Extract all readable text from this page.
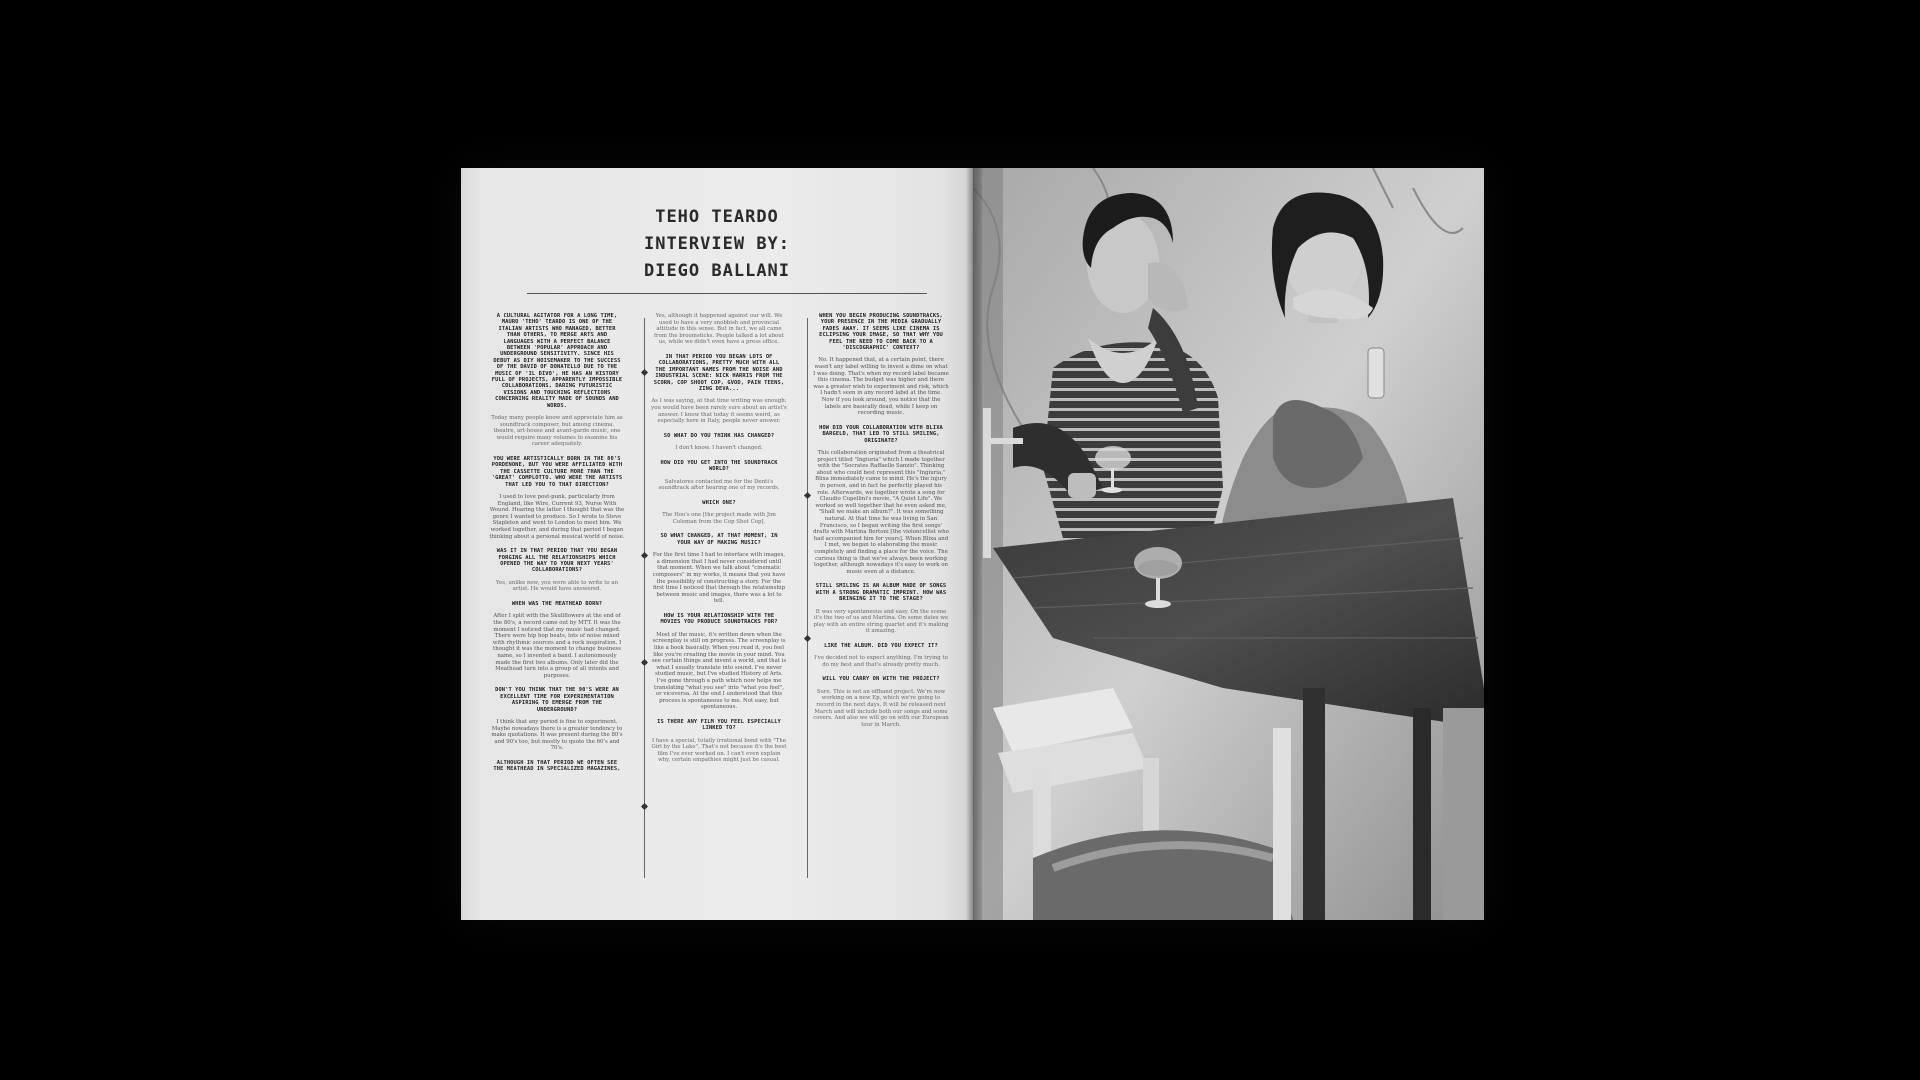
TEHO TEARDO
INTERVIEW BY:
DIEGO BALLANI
A CULTURAL AGITATOR FOR A LONG TIME, MAURO 'TEHO' TEARDO IS ONE OF THE ITALIAN ARTISTS WHO MANAGED, BETTER THAN OTHERS, TO MERGE ARTS AND LANGUAGES WITH A PERFECT BALANCE BETWEEN 'POPULAR' APPROACH AND UNDERGROUND SENSITIVITY. SINCE HIS DEBUT AS DIY NOISEMAKER TO THE SUCCESS OF THE DAVID OF DONATELLO DUE TO THE MUSIC OF 'IL DIVO', HE HAS AN HISTORY FULL OF PROJECTS, APPARENTLY IMPOSSIBLE COLLABORATIONS, DARING FUTURISTIC VISIONS AND TOUCHING REFLECTIONS CONCERNING REALITY MADE OF SOUNDS AND WORDS.
Today many people know and appreciate him as soundtrack composer, but among cinema, theatre, art-house and avant-garde music, one would require many volumes to examine his career adequately.
YOU WERE ARTISTICALLY BORN IN THE 80'S PORDENONE, BUT YOU WERE AFFILIATED WITH THE CASSETTE CULTURE MORE THAN THE 'GREAT' COMPLOTTO. WHO WERE THE ARTISTS THAT LED YOU TO THAT DIRECTION?
I used to love post-punk, particularly from England, like Wire, Current 93, Nurse With Wound. Hearing the latter I thought that was the genre I wanted to produce. So I wrote to Steve Stapleton and went to London to meet him. We worked together, and during that period I began thinking about a personal musical world of noise.
WAS IT IN THAT PERIOD THAT YOU BEGAN FORGING ALL THE RELATIONSHIPS WHICH OPENED THE WAY TO YOUR NEXT YEARS' COLLABORATIONS?
Yes, unlike now, you were able to write to an artist. He would have answered.
WHEN WAS THE MEATHEAD BORN?
After I split with the Skullflowers at the end of the 80's, a record came out by MTT. It was the moment I noticed that my music had changed. There were hip hop beats, lots of noise mixed with rhythmic sources and a rock inspiration. I thought it was the moment to change business name, so I invented a band. I autonomously made the first two albums. Only later did the Meathead turn into a group of all intents and purposes.
DON'T YOU THINK THAT THE 90'S WERE AN EXCELLENT TIME FOR EXPERIMENTATION ASPIRING TO EMERGE FROM THE UNDERGROUND?
I think that any period is fine to experiment. Maybe nowadays there is a greater tendency to make quotations. It was present during the 80's and 90's too, but mostly to quote the 60's and 70's.
ALTHOUGH IN THAT PERIOD WE OFTEN SEE THE MEATHEAD IN SPECIALIZED MAGAZINES,
Yes, although it happened against our will. We used to have a very snobbish and provincial attitude in this sense. But in fact, we all came from the broomsticks. People talked a lot about us, while we didn't even have a press office.
IN THAT PERIOD YOU BEGAN LOTS OF COLLABORATIONS, PRETTY MUCH WITH ALL THE IMPORTANT NAMES FROM THE NOISE AND INDUSTRIAL SCENE: NICK HARRIS FROM THE SCORN, COP SHOOT COP, GVOD, PAIN TEENS, ZING DEVA...
As I was saying, at that time writing was enough; you would have been rarely sure about an artist's answer. I know that today it seems weird, as especially here in Italy, people never answer.
SO WHAT DO YOU THINK HAS CHANGED?
I don't know. I haven't changed.
HOW DID YOU GET INTO THE SOUNDTRACK WORLD?
Salvatores contacted me for the Denti's soundtrack after hearing one of my records.
WHICH ONE?
The Hoo's one [the project made with Jim Coleman from the Cop Shot Cop].
SO WHAT CHANGED, AT THAT MOMENT, IN YOUR WAY OF MAKING MUSIC?
For the first time I had to interface with images, a dimension that I had never considered until that moment. When we talk about "cinematic composers" in my works, it means that you have the possibility of constructing a story. For the first time I noticed that through the relationship between music and images, there was a lot to tell.
HOW IS YOUR RELATIONSHIP WITH THE MOVIES YOU PRODUCE SOUNDTRACKS FOR?
Most of the music, it's written down when the screenplay is still on progress. The screenplay is like a book basically. When you read it, you feel like you're creating the movie in your mind. You see certain things and invent a world, and that is what I usually translate into sound. I've never studied music, but I've studied History of Arts. I've gone through a path which now helps me translating "what you see" into "what you feel", or viceversa. At the end I understood that this process is spontaneous to me. Not easy, but spontaneous.
IS THERE ANY FILM YOU FEEL ESPECIALLY LINKED TO?
I have a special, totally irrational bond with "The Girl by the Lake". That's not because it's the best film I've ever worked on. I can't even explain why, certain empathies might just be casual.
WHEN YOU BEGIN PRODUCING SOUNDTRACKS, YOUR PRESENCE IN THE MEDIA GRADUALLY FADES AWAY. IT SEEMS LIKE CINEMA IS ECLIPSING YOUR IMAGE, SO THAT WHY YOU FEEL THE NEED TO COME BACK TO A 'DISCOGRAPHIC' CONTEXT?
No. It happened that, at a certain point, there wasn't any label willing to invest a dime on what I was doing. That's when my record label became this cinema. The budget was higher and there was a greater wish to experiment and risk, which I hadn't seen in any record label at the time. Now if you look around, you notice that the labels are basically dead, while I keep on recording music.
HOW DID YOUR COLLABORATION WITH BLIXA BARGELD, THAT LED TO STILL SMILING, ORIGINATE?
This collaboration originated from a theatrical project titled "Ingiuria" which I made together with the "Socrates Raffaello Sanzio". Thinking about who could best represent this "Ingiuria," Blixa immediately came to mind. He's the injury in person, and in fact he perfectly played his role. Afterwards, we together wrote a song for Claudio Cupellini's movie, "A Quiet Life". We worked so well together that he even asked me, "Shall we make an album?". It was something natural. At that time he was living in San Francisco, so I began writing the first songs' drafts with Martina Bertoni [the violoncellist who had accompanied him for years]. When Blixa and I met, we began to elaborating the music completely and finding a place for the voice. The curious thing is that we've always been working together, although nowadays it's easy to work on music even at a distance.
STILL SMILING IS AN ALBUM MADE OF SONGS WITH A STRONG DRAMATIC IMPRINT. HOW WAS BRINGING IT TO THE STAGE?
It was very spontaneous and easy. On the scene it's the two of us and Martina. On some dates we play with an entire string quartet and it's making it amazing.
LIKE THE ALBUM. DID YOU EXPECT IT?
I've decided not to expect anything. I'm trying to do my best and that's already pretty much.
WILL YOU CARRY ON WITH THE PROJECT?
Sure. This is not an offhand project. We're now working on a new Ep, which we're going to record in the next days. It will be released next March and will include both our songs and some covers. And also we will go on with our European tour in March.
